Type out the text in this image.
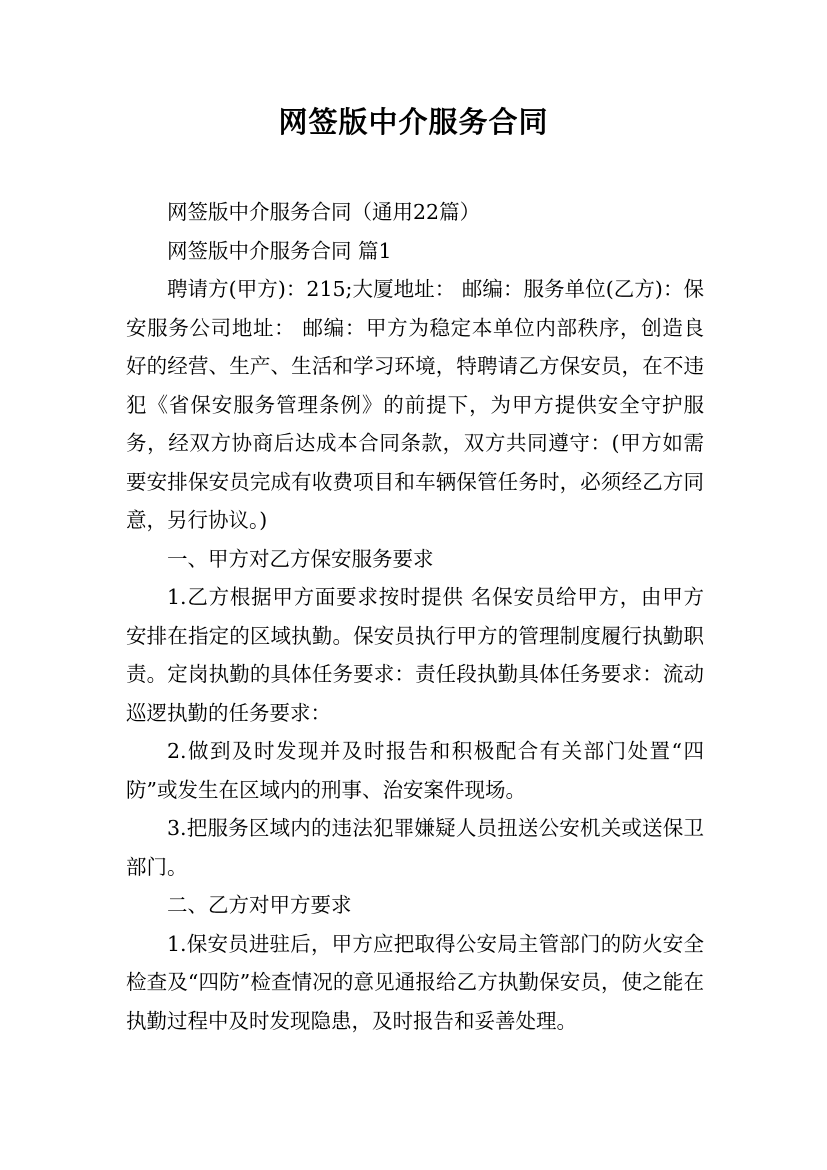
网签版中介服务合同

网签版中介服务合同（通用22篇）

网签版中介服务合同 篇1

聘请方(甲方)：215;大厦地址： 邮编：服务单位(乙方)：保安服务公司地址： 邮编：甲方为稳定本单位内部秩序，创造良好的经营、生产、生活和学习环境，特聘请乙方保安员，在不违犯《省保安服务管理条例》的前提下，为甲方提供安全守护服务，经双方协商后达成本合同条款，双方共同遵守：(甲方如需要安排保安员完成有收费项目和车辆保管任务时，必须经乙方同意，另行协议。)

一、甲方对乙方保安服务要求

1.乙方根据甲方面要求按时提供 名保安员给甲方，由甲方安排在指定的区域执勤。保安员执行甲方的管理制度履行执勤职责。定岗执勤的具体任务要求：责任段执勤具体任务要求：流动巡逻执勤的任务要求：

2.做到及时发现并及时报告和积极配合有关部门处置“四防”或发生在区域内的刑事、治安案件现场。

3.把服务区域内的违法犯罪嫌疑人员扭送公安机关或送保卫部门。

二、乙方对甲方要求

1.保安员进驻后，甲方应把取得公安局主管部门的防火安全检查及“四防”检查情况的意见通报给乙方执勤保安员，使之能在执勤过程中及时发现隐患，及时报告和妥善处理。
